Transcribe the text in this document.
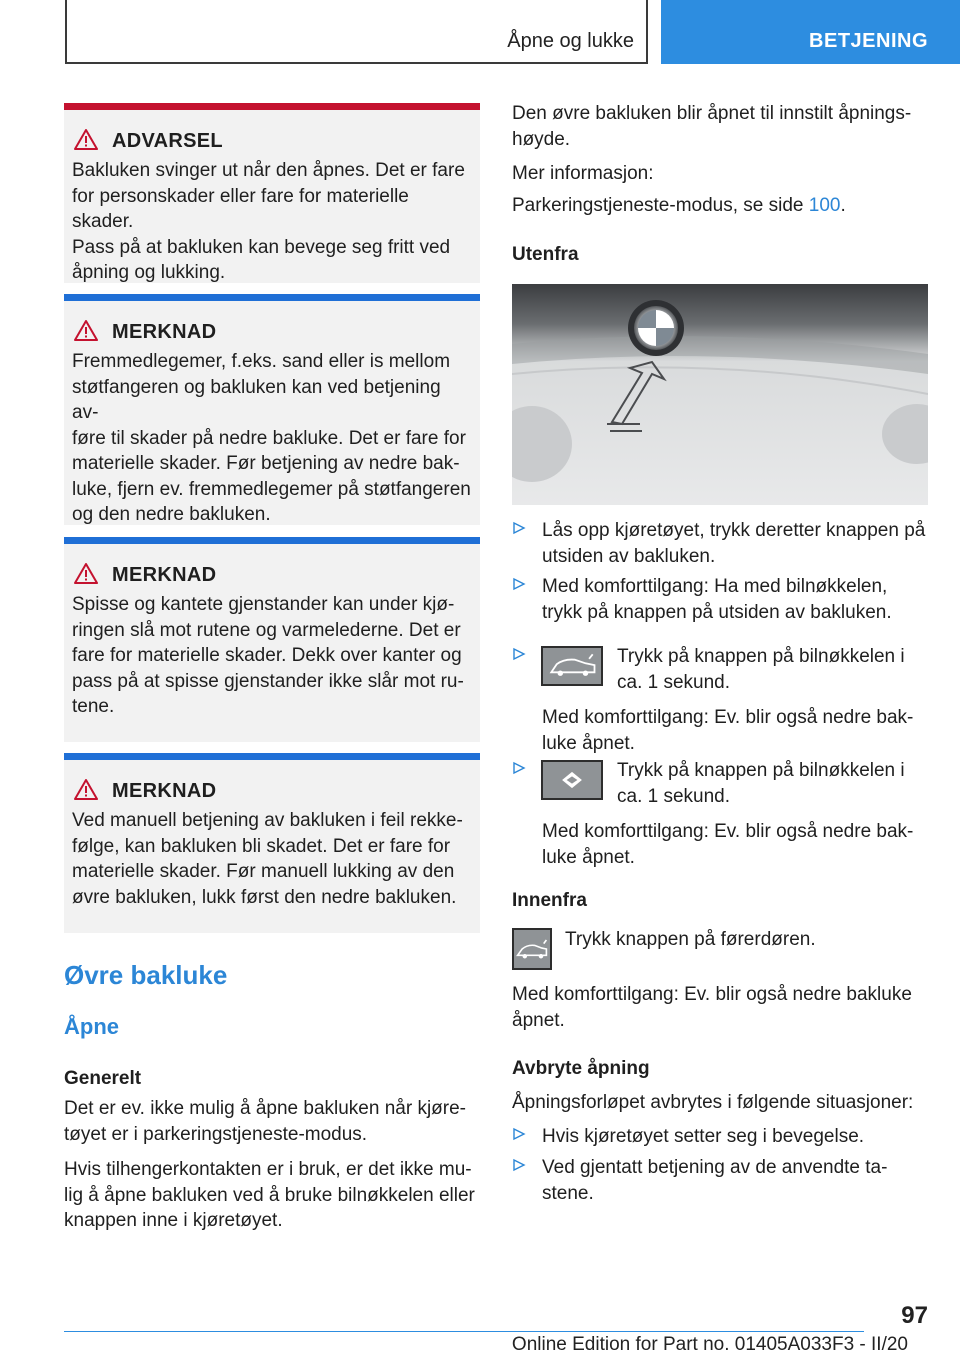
Åpne og lukke	BETJENING
ADVARSEL
Bakluken svinger ut når den åpnes. Det er fare
for personskader eller fare for materielle skader.
Pass på at bakluken kan bevege seg fritt ved
åpning og lukking.
MERKNAD
Fremmedlegemer, f.eks. sand eller is mellom
støtfangeren og bakluken kan ved betjening av-
føre til skader på nedre bakluke. Det er fare for
materielle skader. Før betjening av nedre bak-
luke, fjern ev. fremmedlegemer på støtfangeren
og den nedre bakluken.
MERKNAD
Spisse og kantete gjenstander kan under kjø-
ringen slå mot rutene og varmelederne. Det er
fare for materielle skader. Dekk over kanter og
pass på at spisse gjenstander ikke slår mot ru-
tene.
MERKNAD
Ved manuell betjening av bakluken i feil rekke-
følge, kan bakluken bli skadet. Det er fare for
materielle skader. Før manuell lukking av den
øvre bakluken, lukk først den nedre bakluken.
Øvre bakluke
Åpne
Generelt
Det er ev. ikke mulig å åpne bakluken når kjøre-
tøyet er i parkeringstjeneste-modus.
Hvis tilhengerkontakten er i bruk, er det ikke mu-
lig å åpne bakluken ved å bruke bilnøkkelen eller
knappen inne i kjøretøyet.
Den øvre bakluken blir åpnet til innstilt åpnings-
høyde.
Mer informasjon:
Parkeringstjeneste-modus, se side 100.
Utenfra
Lås opp kjøretøyet, trykk deretter knappen på
utsiden av bakluken.
Med komforttilgang: Ha med bilnøkkelen,
trykk på knappen på utsiden av bakluken.
Trykk på knappen på bilnøkkelen i
ca. 1 sekund.
Med komforttilgang: Ev. blir også nedre bak-
luke åpnet.
Trykk på knappen på bilnøkkelen i
ca. 1 sekund.
Med komforttilgang: Ev. blir også nedre bak-
luke åpnet.
Innenfra
Trykk knappen på førerdøren.
Med komforttilgang: Ev. blir også nedre bakluke
åpnet.
Avbryte åpning
Åpningsforløpet avbrytes i følgende situasjoner:
Hvis kjøretøyet setter seg i bevegelse.
Ved gjentatt betjening av de anvendte ta-
stene.
97
Online Edition for Part no. 01405A033F3 - II/20
